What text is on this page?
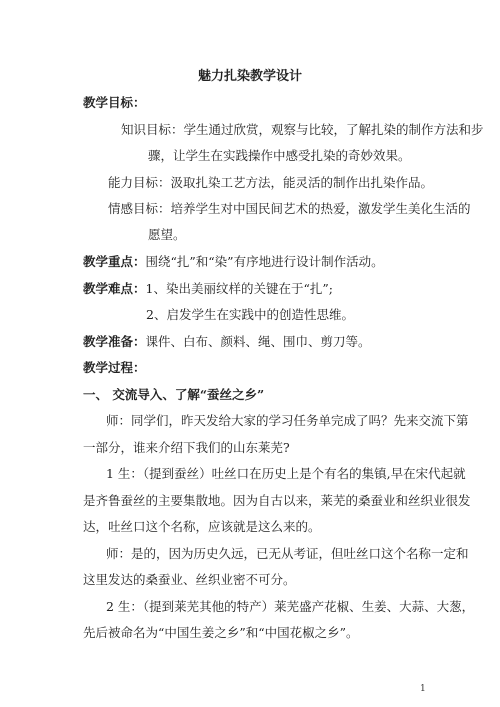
魅力扎染教学设计
教学目标：
知识目标：学生通过欣赏，观察与比较，了解扎染的制作方法和步
骤，让学生在实践操作中感受扎染的奇妙效果。
能力目标：汲取扎染工艺方法，能灵活的制作出扎染作品。
情感目标：培养学生对中国民间艺术的热爱，激发学生美化生活的
愿望。
教学重点：围绕“扎”和“染”有序地进行设计制作活动。
教学难点：1、染出美丽纹样的关键在于“扎”;
2、启发学生在实践中的创造性思维。
教学准备：课件、白布、颜料、绳、围巾、剪刀等。
教学过程：
一、 交流导入、了解“蚕丝之乡”
师：同学们，昨天发给大家的学习任务单完成了吗？先来交流下第
一部分，谁来介绍下我们的山东莱芜?
1 生：（提到蚕丝）吐丝口在历史上是个有名的集镇,早在宋代起就
是齐鲁蚕丝的主要集散地。因为自古以来，莱芜的桑蚕业和丝织业很发
达，吐丝口这个名称，应该就是这么来的。
师：是的，因为历史久远，已无从考证，但吐丝口这个名称一定和
这里发达的桑蚕业、丝织业密不可分。
2 生：（提到莱芜其他的特产）莱芜盛产花椒、生姜、大蒜、大葱，
先后被命名为“中国生姜之乡”和“中国花椒之乡”。
1
